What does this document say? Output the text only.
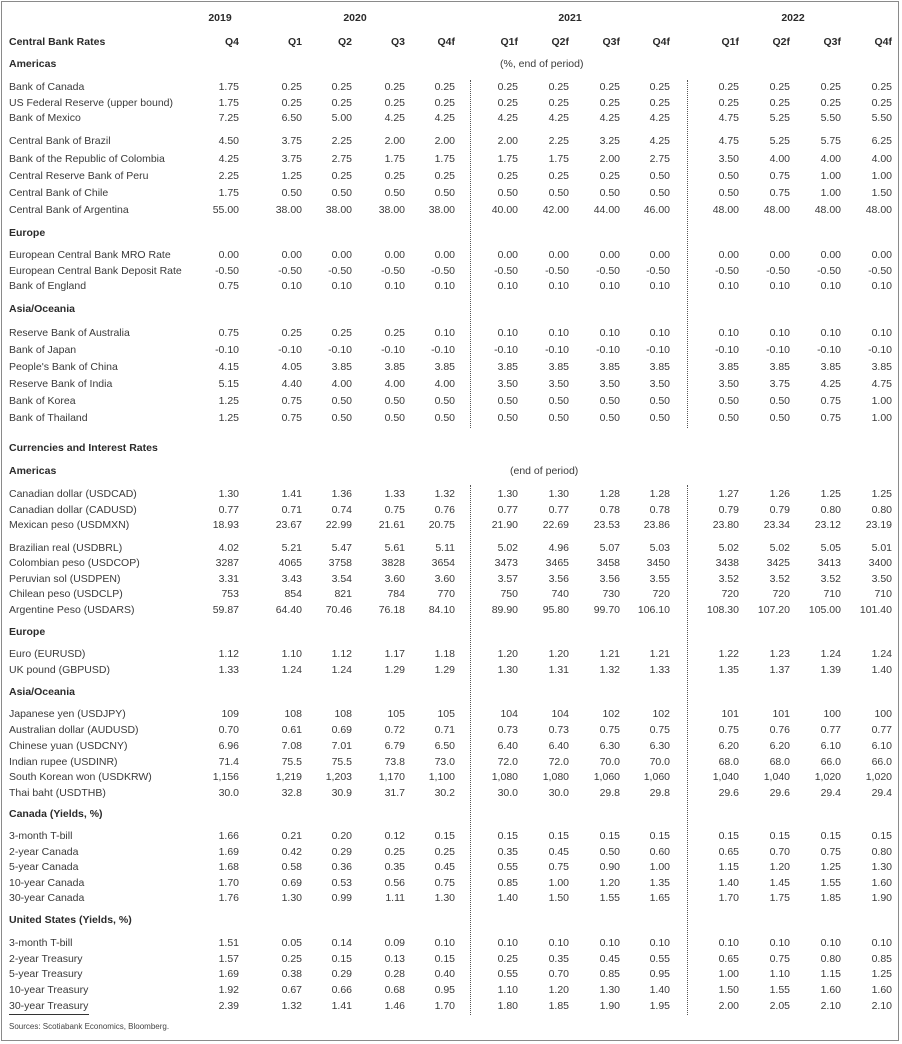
2019	2020	2021	2022
Central Bank Rates	Q4	Q1	Q2	Q3	Q4f	Q1f	Q2f	Q3f	Q4f	Q1f	Q2f	Q3f	Q4f
Americas	(%, end of period)
Bank of Canada	1.75	0.25	0.25	0.25	0.25	0.25	0.25	0.25	0.25	0.25	0.25	0.25	0.25
US Federal Reserve (upper bound)	1.75	0.25	0.25	0.25	0.25	0.25	0.25	0.25	0.25	0.25	0.25	0.25	0.25
Bank of Mexico	7.25	6.50	5.00	4.25	4.25	4.25	4.25	4.25	4.25	4.75	5.25	5.50	5.50
Central Bank of Brazil	4.50	3.75	2.25	2.00	2.00	2.00	2.25	3.25	4.25	4.75	5.25	5.75	6.25
Bank of the Republic of Colombia	4.25	3.75	2.75	1.75	1.75	1.75	1.75	2.00	2.75	3.50	4.00	4.00	4.00
Central Reserve Bank of Peru	2.25	1.25	0.25	0.25	0.25	0.25	0.25	0.25	0.50	0.50	0.75	1.00	1.00
Central Bank of Chile	1.75	0.50	0.50	0.50	0.50	0.50	0.50	0.50	0.50	0.50	0.75	1.00	1.50
Central Bank of Argentina	55.00	38.00	38.00	38.00	38.00	40.00	42.00	44.00	46.00	48.00	48.00	48.00	48.00
Europe
European Central Bank MRO Rate	0.00	0.00	0.00	0.00	0.00	0.00	0.00	0.00	0.00	0.00	0.00	0.00	0.00
European Central Bank Deposit Rate	-0.50	-0.50	-0.50	-0.50	-0.50	-0.50	-0.50	-0.50	-0.50	-0.50	-0.50	-0.50	-0.50
Bank of England	0.75	0.10	0.10	0.10	0.10	0.10	0.10	0.10	0.10	0.10	0.10	0.10	0.10
Asia/Oceania
Reserve Bank of Australia	0.75	0.25	0.25	0.25	0.10	0.10	0.10	0.10	0.10	0.10	0.10	0.10	0.10
Bank of Japan	-0.10	-0.10	-0.10	-0.10	-0.10	-0.10	-0.10	-0.10	-0.10	-0.10	-0.10	-0.10	-0.10
People's Bank of China	4.15	4.05	3.85	3.85	3.85	3.85	3.85	3.85	3.85	3.85	3.85	3.85	3.85
Reserve Bank of India	5.15	4.40	4.00	4.00	4.00	3.50	3.50	3.50	3.50	3.50	3.75	4.25	4.75
Bank of Korea	1.25	0.75	0.50	0.50	0.50	0.50	0.50	0.50	0.50	0.50	0.50	0.75	1.00
Bank of Thailand	1.25	0.75	0.50	0.50	0.50	0.50	0.50	0.50	0.50	0.50	0.50	0.75	1.00
Currencies and Interest Rates
Americas	(end of period)
Canadian dollar (USDCAD)	1.30	1.41	1.36	1.33	1.32	1.30	1.30	1.28	1.28	1.27	1.26	1.25	1.25
Canadian dollar (CADUSD)	0.77	0.71	0.74	0.75	0.76	0.77	0.77	0.78	0.78	0.79	0.79	0.80	0.80
Mexican peso (USDMXN)	18.93	23.67	22.99	21.61	20.75	21.90	22.69	23.53	23.86	23.80	23.34	23.12	23.19
Brazilian real (USDBRL)	4.02	5.21	5.47	5.61	5.11	5.02	4.96	5.07	5.03	5.02	5.02	5.05	5.01
Colombian peso (USDCOP)	3287	4065	3758	3828	3654	3473	3465	3458	3450	3438	3425	3413	3400
Peruvian sol (USDPEN)	3.31	3.43	3.54	3.60	3.60	3.57	3.56	3.56	3.55	3.52	3.52	3.52	3.50
Chilean peso (USDCLP)	753	854	821	784	770	750	740	730	720	720	720	710	710
Argentine Peso (USDARS)	59.87	64.40	70.46	76.18	84.10	89.90	95.80	99.70	106.10	108.30	107.20	105.00	101.40
Europe
Euro (EURUSD)	1.12	1.10	1.12	1.17	1.18	1.20	1.20	1.21	1.21	1.22	1.23	1.24	1.24
UK pound (GBPUSD)	1.33	1.24	1.24	1.29	1.29	1.30	1.31	1.32	1.33	1.35	1.37	1.39	1.40
Asia/Oceania
Japanese yen (USDJPY)	109	108	108	105	105	104	104	102	102	101	101	100	100
Australian dollar (AUDUSD)	0.70	0.61	0.69	0.72	0.71	0.73	0.73	0.75	0.75	0.75	0.76	0.77	0.77
Chinese yuan (USDCNY)	6.96	7.08	7.01	6.79	6.50	6.40	6.40	6.30	6.30	6.20	6.20	6.10	6.10
Indian rupee (USDINR)	71.4	75.5	75.5	73.8	73.0	72.0	72.0	70.0	70.0	68.0	68.0	66.0	66.0
South Korean won (USDKRW)	1,156	1,219	1,203	1,170	1,100	1,080	1,080	1,060	1,060	1,040	1,040	1,020	1,020
Thai baht (USDTHB)	30.0	32.8	30.9	31.7	30.2	30.0	30.0	29.8	29.8	29.6	29.6	29.4	29.4
Canada (Yields, %)
3-month T-bill	1.66	0.21	0.20	0.12	0.15	0.15	0.15	0.15	0.15	0.15	0.15	0.15	0.15
2-year Canada	1.69	0.42	0.29	0.25	0.25	0.35	0.45	0.50	0.60	0.65	0.70	0.75	0.80
5-year Canada	1.68	0.58	0.36	0.35	0.45	0.55	0.75	0.90	1.00	1.15	1.20	1.25	1.30
10-year Canada	1.70	0.69	0.53	0.56	0.75	0.85	1.00	1.20	1.35	1.40	1.45	1.55	1.60
30-year Canada	1.76	1.30	0.99	1.11	1.30	1.40	1.50	1.55	1.65	1.70	1.75	1.85	1.90
United States (Yields, %)
3-month T-bill	1.51	0.05	0.14	0.09	0.10	0.10	0.10	0.10	0.10	0.10	0.10	0.10	0.10
2-year Treasury	1.57	0.25	0.15	0.13	0.15	0.25	0.35	0.45	0.55	0.65	0.75	0.80	0.85
5-year Treasury	1.69	0.38	0.29	0.28	0.40	0.55	0.70	0.85	0.95	1.00	1.10	1.15	1.25
10-year Treasury	1.92	0.67	0.66	0.68	0.95	1.10	1.20	1.30	1.40	1.50	1.55	1.60	1.60
30-year Treasury	2.39	1.32	1.41	1.46	1.70	1.80	1.85	1.90	1.95	2.00	2.05	2.10	2.10
Sources: Scotiabank Economics, Bloomberg.
